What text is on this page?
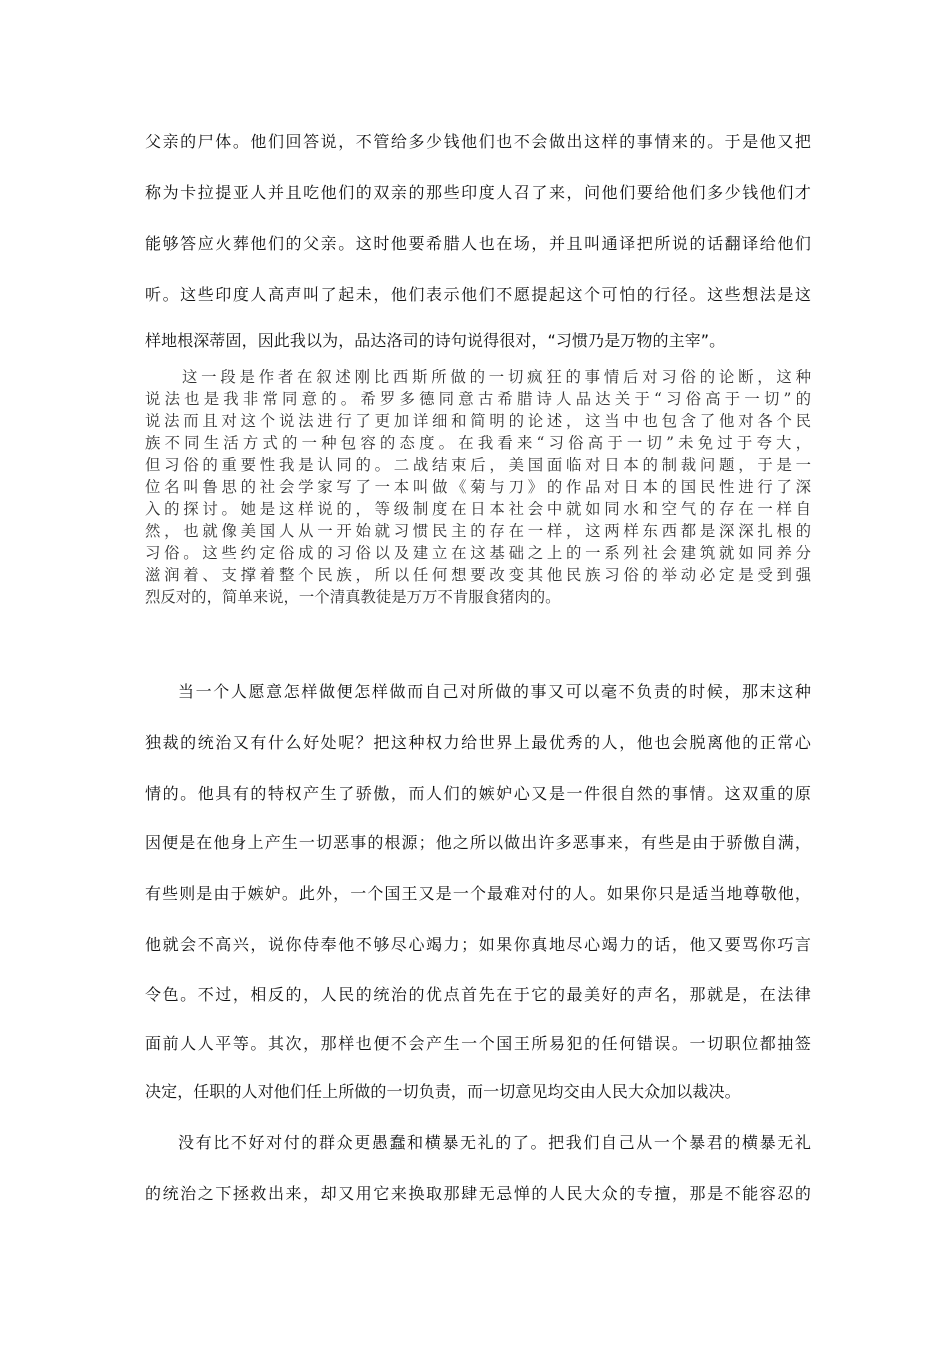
父亲的尸体。他们回答说，不管给多少钱他们也不会做出这样的事情来的。于是他又把
称为卡拉提亚人并且吃他们的双亲的那些印度人召了来，问他们要给他们多少钱他们才
能够答应火葬他们的父亲。这时他要希腊人也在场，并且叫通译把所说的话翻译给他们
听。这些印度人高声叫了起未，他们表示他们不愿提起这个可怕的行径。这些想法是这
样地根深蒂固，因此我以为，品达洛司的诗句说得很对，“习惯乃是万物的主宰”。
这一段是作者在叙述刚比西斯所做的一切疯狂的事情后对习俗的论断，这种
说法也是我非常同意的。希罗多德同意古希腊诗人品达关于“习俗高于一切”的
说法而且对这个说法进行了更加详细和简明的论述，这当中也包含了他对各个民
族不同生活方式的一种包容的态度。在我看来“习俗高于一切”未免过于夸大，
但习俗的重要性我是认同的。二战结束后，美国面临对日本的制裁问题，于是一
位名叫鲁思的社会学家写了一本叫做《菊与刀》的作品对日本的国民性进行了深
入的探讨。她是这样说的，等级制度在日本社会中就如同水和空气的存在一样自
然，也就像美国人从一开始就习惯民主的存在一样，这两样东西都是深深扎根的
习俗。这些约定俗成的习俗以及建立在这基础之上的一系列社会建筑就如同养分
滋润着、支撑着整个民族，所以任何想要改变其他民族习俗的举动必定是受到强
烈反对的，简单来说，一个清真教徒是万万不肯服食猪肉的。
当一个人愿意怎样做便怎样做而自己对所做的事又可以毫不负责的时候，那末这种
独裁的统治又有什么好处呢？把这种权力给世界上最优秀的人，他也会脱离他的正常心
情的。他具有的特权产生了骄傲，而人们的嫉妒心又是一件很自然的事情。这双重的原
因便是在他身上产生一切恶事的根源；他之所以做出许多恶事来，有些是由于骄傲自满，
有些则是由于嫉妒。此外，一个国王又是一个最难对付的人。如果你只是适当地尊敬他，
他就会不高兴，说你侍奉他不够尽心竭力；如果你真地尽心竭力的话，他又要骂你巧言
令色。不过，相反的，人民的统治的优点首先在于它的最美好的声名，那就是，在法律
面前人人平等。其次，那样也便不会产生一个国王所易犯的任何错误。一切职位都抽签
决定，任职的人对他们任上所做的一切负责，而一切意见均交由人民大众加以裁决。
没有比不好对付的群众更愚蠢和横暴无礼的了。把我们自己从一个暴君的横暴无礼
的统治之下拯救出来，却又用它来换取那肆无忌惮的人民大众的专擅，那是不能容忍的
